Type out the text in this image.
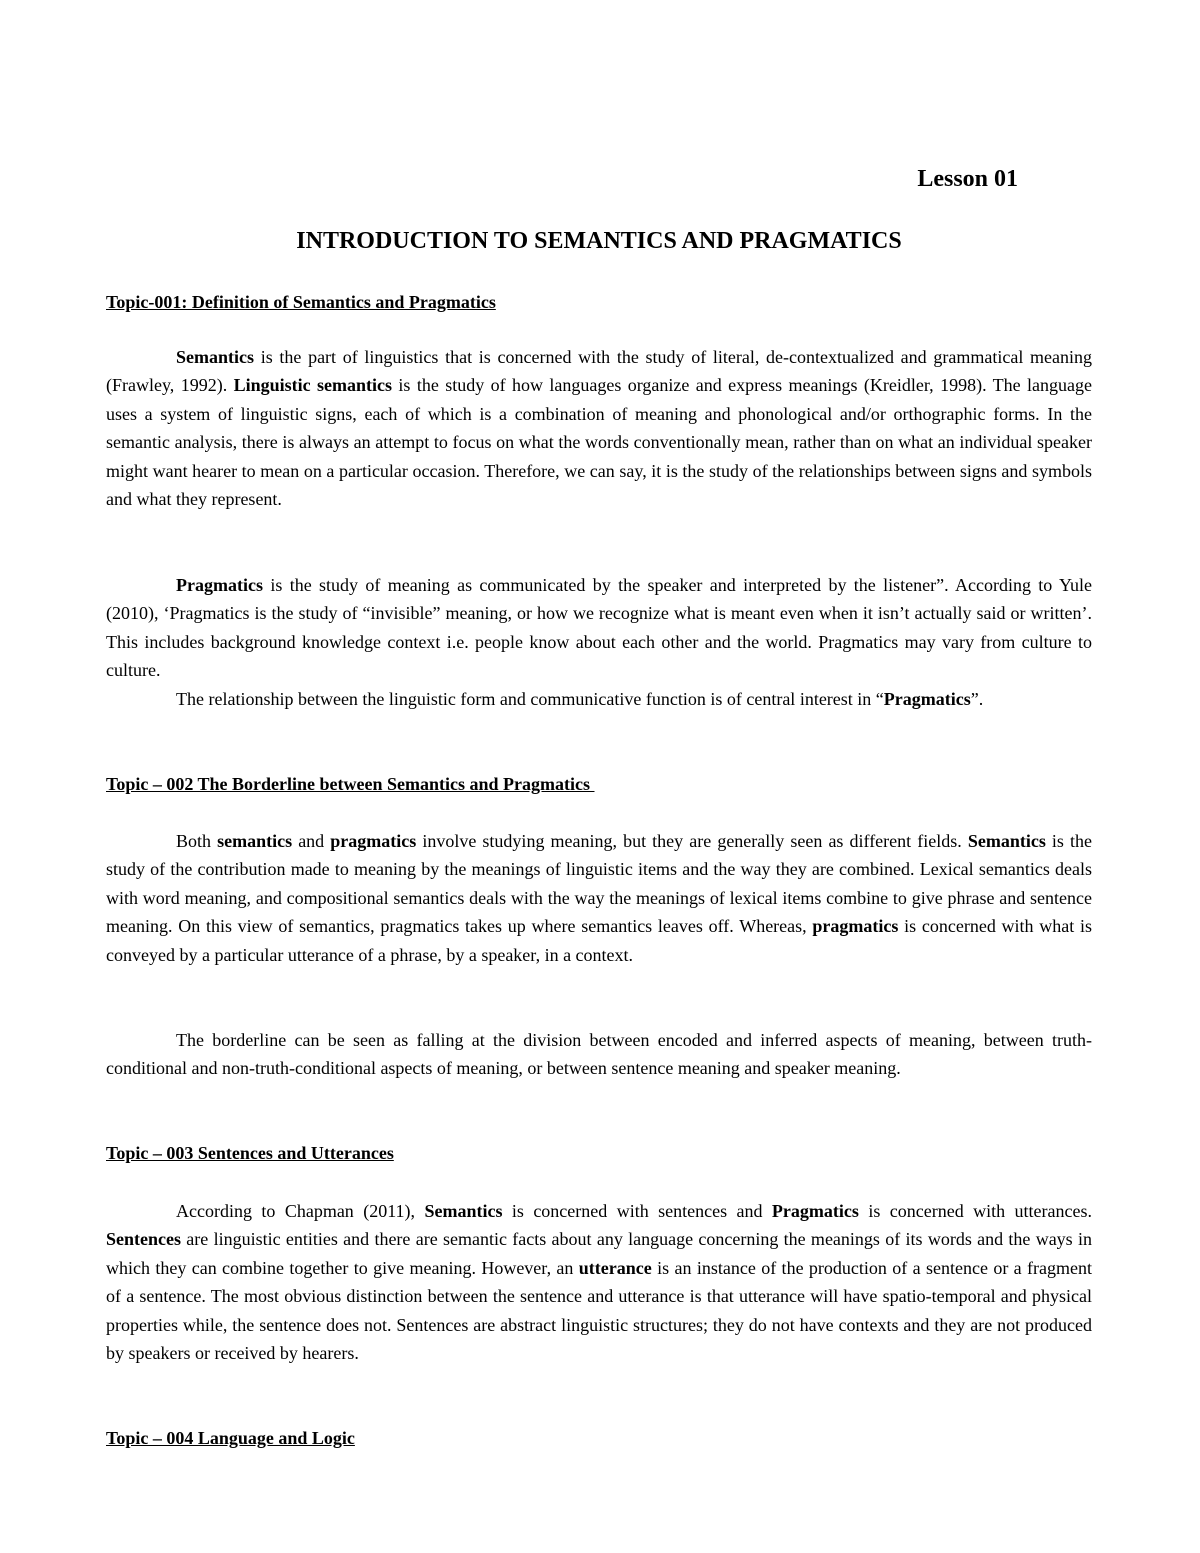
Lesson 01

INTRODUCTION TO SEMANTICS AND PRAGMATICS

Topic-001: Definition of Semantics and Pragmatics

Semantics is the part of linguistics that is concerned with the study of literal, de-contextualized and grammatical meaning (Frawley, 1992). Linguistic semantics is the study of how languages organize and express meanings (Kreidler, 1998). The language uses a system of linguistic signs, each of which is a combination of meaning and phonological and/or orthographic forms. In the semantic analysis, there is always an attempt to focus on what the words conventionally mean, rather than on what an individual speaker might want hearer to mean on a particular occasion. Therefore, we can say, it is the study of the relationships between signs and symbols and what they represent.

Pragmatics is the study of meaning as communicated by the speaker and interpreted by the listener”. According to Yule (2010), ‘Pragmatics is the study of “invisible” meaning, or how we recognize what is meant even when it isn’t actually said or written’. This includes background knowledge context i.e. people know about each other and the world. Pragmatics may vary from culture to culture.

The relationship between the linguistic form and communicative function is of central interest in “Pragmatics”.

Topic – 002 The Borderline between Semantics and Pragmatics

Both semantics and pragmatics involve studying meaning, but they are generally seen as different fields. Semantics is the study of the contribution made to meaning by the meanings of linguistic items and the way they are combined. Lexical semantics deals with word meaning, and compositional semantics deals with the way the meanings of lexical items combine to give phrase and sentence meaning. On this view of semantics, pragmatics takes up where semantics leaves off. Whereas, pragmatics is concerned with what is conveyed by a particular utterance of a phrase, by a speaker, in a context.

The borderline can be seen as falling at the division between encoded and inferred aspects of meaning, between truth-conditional and non-truth-conditional aspects of meaning, or between sentence meaning and speaker meaning.

Topic – 003 Sentences and Utterances

According to Chapman (2011), Semantics is concerned with sentences and Pragmatics is concerned with utterances. Sentences are linguistic entities and there are semantic facts about any language concerning the meanings of its words and the ways in which they can combine together to give meaning. However, an utterance is an instance of the production of a sentence or a fragment of a sentence. The most obvious distinction between the sentence and utterance is that utterance will have spatio-temporal and physical properties while, the sentence does not. Sentences are abstract linguistic structures; they do not have contexts and they are not produced by speakers or received by hearers.

Topic – 004 Language and Logic
